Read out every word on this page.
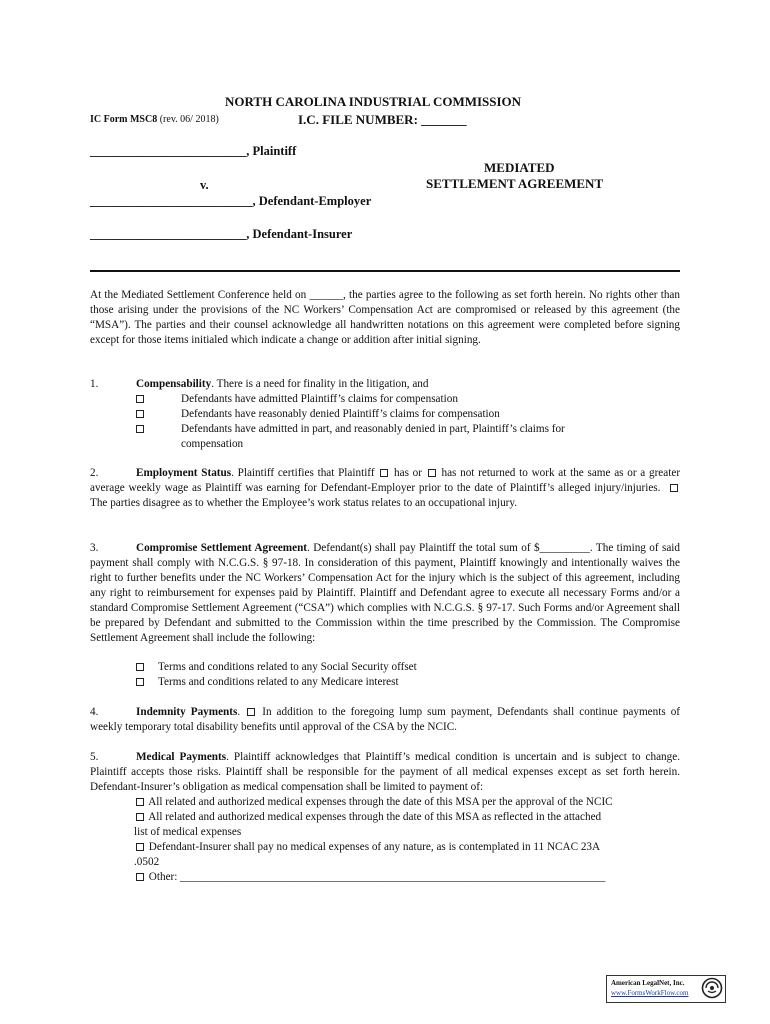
NORTH CAROLINA INDUSTRIAL COMMISSION
IC Form MSC8 (rev. 06/ 2018)	I.C. FILE NUMBER: _______
_________________________, Plaintiff
v.
__________________________, Defendant-Employer
_________________________, Defendant-Insurer
MEDIATED
SETTLEMENT AGREEMENT
At the Mediated Settlement Conference held on ______, the parties agree to the following as set forth herein. No rights other than those arising under the provisions of the NC Workers’ Compensation Act are compromised or released by this agreement (the “MSA”). The parties and their counsel acknowledge all handwritten notations on this agreement were completed before signing except for those items initialed which indicate a change or addition after initial signing.
1.	Compensability. There is a need for finality in the litigation, and
Defendants have admitted Plaintiff’s claims for compensation
Defendants have reasonably denied Plaintiff’s claims for compensation
Defendants have admitted in part, and reasonably denied in part, Plaintiff’s claims for
compensation
2.	Employment Status. Plaintiff certifies that Plaintiff has or has not returned to work at the same as or a greater average weekly wage as Plaintiff was earning for Defendant-Employer prior to the date of Plaintiff’s alleged injury/injuries.   The parties disagree as to whether the Employee’s work status relates to an occupational injury.
3.	Compromise Settlement Agreement. Defendant(s) shall pay Plaintiff the total sum of $_________. The timing of said payment shall comply with N.C.G.S. § 97-18. In consideration of this payment, Plaintiff knowingly and intentionally waives the right to further benefits under the NC Workers’ Compensation Act for the injury which is the subject of this agreement, including any right to reimbursement for expenses paid by Plaintiff. Plaintiff and Defendant agree to execute all necessary Forms and/or a standard Compromise Settlement Agreement (“CSA”) which complies with N.C.G.S. § 97-17. Such Forms and/or Agreement shall be prepared by Defendant and submitted to the Commission within the time prescribed by the Commission. The Compromise Settlement Agreement shall include the following:
Terms and conditions related to any Social Security offset
Terms and conditions related to any Medicare interest
4.	Indemnity Payments.  In addition to the foregoing lump sum payment, Defendants shall continue payments of weekly temporary total disability benefits until approval of the CSA by the NCIC.
5.	Medical Payments. Plaintiff acknowledges that Plaintiff’s medical condition is uncertain and is subject to change. Plaintiff accepts those risks. Plaintiff shall be responsible for the payment of all medical expenses except as set forth herein. Defendant-Insurer’s obligation as medical compensation shall be limited to payment of:
All related and authorized medical expenses through the date of this MSA per the approval of the NCIC
All related and authorized medical expenses through the date of this MSA as reflected in the attached
list of medical expenses
Defendant-Insurer shall pay no medical expenses of any nature, as is contemplated in 11 NCAC 23A
.0502
Other: ____________________________________________________________________________
American LegalNet, Inc.
www.FormsWorkFlow.com
